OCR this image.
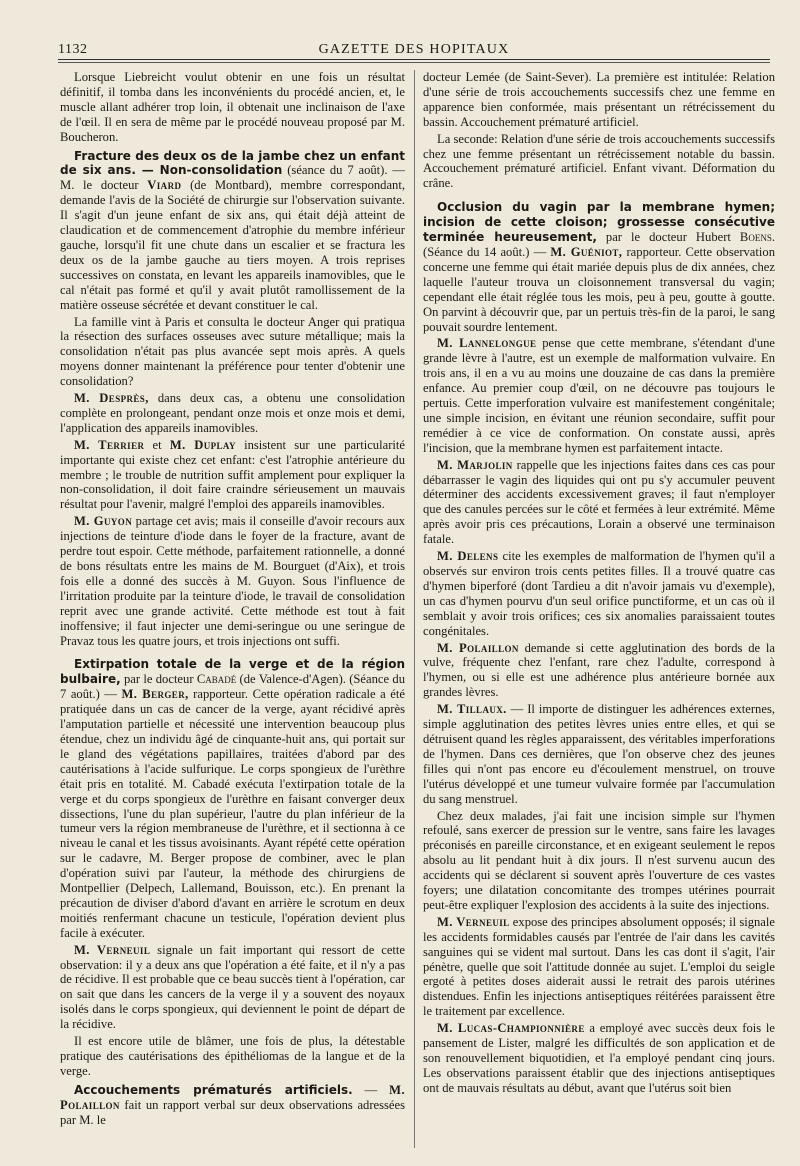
1132	GAZETTE DES HOPITAUX

Lorsque Liebreicht voulut obtenir en une fois un résultat définitif, il tomba dans les inconvénients du procédé ancien, et, le muscle allant adhérer trop loin, il obtenait une inclinaison de l'axe de l'œil. Il en sera de même par le procédé nouveau proposé par M. Boucheron.

Fracture des deux os de la jambe chez un enfant de six ans. — Non-consolidation (séance du 7 août). — M. le docteur Viard (de Montbard), membre correspondant, demande l'avis de la Société de chirurgie sur l'observation suivante. Il s'agit d'un jeune enfant de six ans, qui était déjà atteint de claudication et de commencement d'atrophie du membre inférieur gauche, lorsqu'il fit une chute dans un escalier et se fractura les deux os de la jambe gauche au tiers moyen. A trois reprises successives on constata, en levant les appareils inamovibles, que le cal n'était pas formé et qu'il y avait plutôt ramollissement de la matière osseuse sécrétée et devant constituer le cal.

La famille vint à Paris et consulta le docteur Anger qui pratiqua la résection des surfaces osseuses avec suture métallique; mais la consolidation n'était pas plus avancée sept mois après. A quels moyens donner maintenant la préférence pour tenter d'obtenir une consolidation?

M. Desprès, dans deux cas, a obtenu une consolidation complète en prolongeant, pendant onze mois et onze mois et demi, l'application des appareils inamovibles.

M. Terrier et M. Duplay insistent sur une particularité importante qui existe chez cet enfant: c'est l'atrophie antérieure du membre ; le trouble de nutrition suffit amplement pour expliquer la non-consolidation, il doit faire craindre sérieusement un mauvais résultat pour l'avenir, malgré l'emploi des appareils inamovibles.

M. Guyon partage cet avis; mais il conseille d'avoir recours aux injections de teinture d'iode dans le foyer de la fracture, avant de perdre tout espoir. Cette méthode, parfaitement rationnelle, a donné de bons résultats entre les mains de M. Bourguet (d'Aix), et trois fois elle a donné des succès à M. Guyon. Sous l'influence de l'irritation produite par la teinture d'iode, le travail de consolidation reprit avec une grande activité. Cette méthode est tout à fait inoffensive; il faut injecter une demi-seringue ou une seringue de Pravaz tous les quatre jours, et trois injections ont suffi.

Extirpation totale de la verge et de la région bulbaire, par le docteur Cabadé (de Valence-d'Agen). (Séance du 7 août.) — M. Berger, rapporteur. Cette opération radicale a été pratiquée dans un cas de cancer de la verge, ayant récidivé après l'amputation partielle et nécessité une intervention beaucoup plus étendue, chez un individu âgé de cinquante-huit ans, qui portait sur le gland des végétations papillaires, traitées d'abord par des cautérisations à l'acide sulfurique. Le corps spongieux de l'urèthre était pris en totalité. M. Cabadé exécuta l'extirpation totale de la verge et du corps spongieux de l'urèthre en faisant converger deux dissections, l'une du plan supérieur, l'autre du plan inférieur de la tumeur vers la région membraneuse de l'urèthre, et il sectionna à ce niveau le canal et les tissus avoisinants. Ayant répété cette opération sur le cadavre, M. Berger propose de combiner, avec le plan d'opération suivi par l'auteur, la méthode des chirurgiens de Montpellier (Delpech, Lallemand, Bouisson, etc.). En prenant la précaution de diviser d'abord d'avant en arrière le scrotum en deux moitiés renfermant chacune un testicule, l'opération devient plus facile à exécuter.

M. Verneuil signale un fait important qui ressort de cette observation: il y a deux ans que l'opération a été faite, et il n'y a pas de récidive. Il est probable que ce beau succès tient à l'opération, car on sait que dans les cancers de la verge il y a souvent des noyaux isolés dans le corps spongieux, qui deviennent le point de départ de la récidive.

Il est encore utile de blâmer, une fois de plus, la détestable pratique des cautérisations des épithéliomas de la langue et de la verge.

Accouchements prématurés artificiels. — M. Polaillon fait un rapport verbal sur deux observations adressées par M. le

docteur Lemée (de Saint-Sever). La première est intitulée: Relation d'une série de trois accouchements successifs chez une femme en apparence bien conformée, mais présentant un rétrécissement du bassin. Accouchement prématuré artificiel.

La seconde: Relation d'une série de trois accouchements successifs chez une femme présentant un rétrécissement notable du bassin. Accouchement prématuré artificiel. Enfant vivant. Déformation du crâne.

Occlusion du vagin par la membrane hymen; incision de cette cloison; grossesse consécutive terminée heureusement, par le docteur Hubert Boens. (Séance du 14 août.) — M. Guéniot, rapporteur. Cette observation concerne une femme qui était mariée depuis plus de dix années, chez laquelle l'auteur trouva un cloisonnement transversal du vagin; cependant elle était réglée tous les mois, peu à peu, goutte à goutte. On parvint à découvrir que, par un pertuis très-fin de la paroi, le sang pouvait sourdre lentement.

M. Lannelongue pense que cette membrane, s'étendant d'une grande lèvre à l'autre, est un exemple de malformation vulvaire. En trois ans, il en a vu au moins une douzaine de cas dans la première enfance. Au premier coup d'œil, on ne découvre pas toujours le pertuis. Cette imperforation vulvaire est manifestement congénitale; une simple incision, en évitant une réunion secondaire, suffit pour remédier à ce vice de conformation. On constate aussi, après l'incision, que la membrane hymen est parfaitement intacte.

M. Marjolin rappelle que les injections faites dans ces cas pour débarrasser le vagin des liquides qui ont pu s'y accumuler peuvent déterminer des accidents excessivement graves; il faut n'employer que des canules percées sur le côté et fermées à leur extrémité. Même après avoir pris ces précautions, Lorain a observé une terminaison fatale.

M. Delens cite les exemples de malformation de l'hymen qu'il a observés sur environ trois cents petites filles. Il a trouvé quatre cas d'hymen biperforé (dont Tardieu a dit n'avoir jamais vu d'exemple), un cas d'hymen pourvu d'un seul orifice punctiforme, et un cas où il semblait y avoir trois orifices; ces six anomalies paraissaient toutes congénitales.

M. Polaillon demande si cette agglutination des bords de la vulve, fréquente chez l'enfant, rare chez l'adulte, correspond à l'hymen, ou si elle est une adhérence plus antérieure bornée aux grandes lèvres.

M. Tillaux. — Il importe de distinguer les adhérences externes, simple agglutination des petites lèvres unies entre elles, et qui se détruisent quand les règles apparaissent, des véritables imperforations de l'hymen. Dans ces dernières, que l'on observe chez des jeunes filles qui n'ont pas encore eu d'écoulement menstruel, on trouve l'utérus développé et une tumeur vulvaire formée par l'accumulation du sang menstruel.

Chez deux malades, j'ai fait une incision simple sur l'hymen refoulé, sans exercer de pression sur le ventre, sans faire les lavages préconisés en pareille circonstance, et en exigeant seulement le repos absolu au lit pendant huit à dix jours. Il n'est survenu aucun des accidents qui se déclarent si souvent après l'ouverture de ces vastes foyers; une dilatation concomitante des trompes utérines pourrait peut-être expliquer l'explosion des accidents à la suite des injections.

M. Verneuil expose des principes absolument opposés; il signale les accidents formidables causés par l'entrée de l'air dans les cavités sanguines qui se vident mal surtout. Dans les cas dont il s'agit, l'air pénètre, quelle que soit l'attitude donnée au sujet. L'emploi du seigle ergoté à petites doses aiderait aussi le retrait des parois utérines distendues. Enfin les injections antiseptiques réitérées paraissent être le traitement par excellence.

M. Lucas-Championnière a employé avec succès deux fois le pansement de Lister, malgré les difficultés de son application et de son renouvellement biquotidien, et l'a employé pendant cinq jours. Les observations paraissent établir que des injections antiseptiques ont de mauvais résultats au début, avant que l'utérus soit bien
